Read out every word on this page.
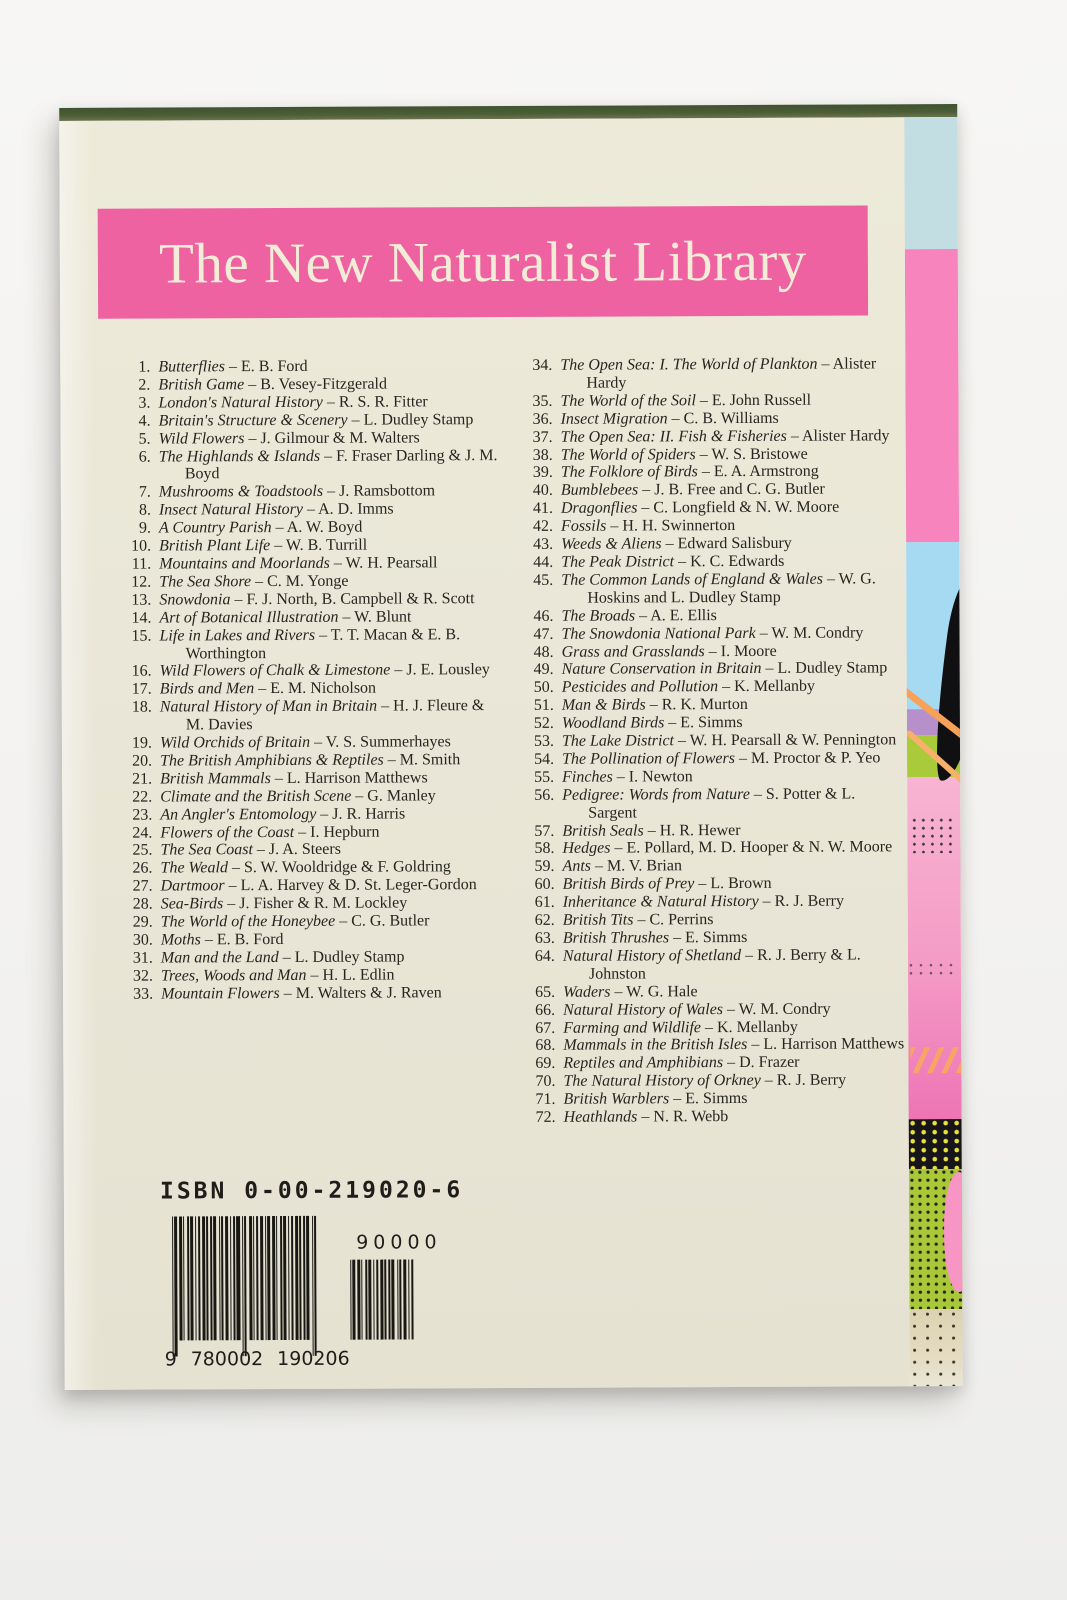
The New Naturalist Library
1. Butterflies – E. B. Ford
2. British Game – B. Vesey-Fitzgerald
3. London's Natural History – R. S. R. Fitter
4. Britain's Structure & Scenery – L. Dudley Stamp
5. Wild Flowers – J. Gilmour & M. Walters
6. The Highlands & Islands – F. Fraser Darling & J. M. Boyd
7. Mushrooms & Toadstools – J. Ramsbottom
8. Insect Natural History – A. D. Imms
9. A Country Parish – A. W. Boyd
10. British Plant Life – W. B. Turrill
11. Mountains and Moorlands – W. H. Pearsall
12. The Sea Shore – C. M. Yonge
13. Snowdonia – F. J. North, B. Campbell & R. Scott
14. Art of Botanical Illustration – W. Blunt
15. Life in Lakes and Rivers – T. T. Macan & E. B. Worthington
16. Wild Flowers of Chalk & Limestone – J. E. Lousley
17. Birds and Men – E. M. Nicholson
18. Natural History of Man in Britain – H. J. Fleure & M. Davies
19. Wild Orchids of Britain – V. S. Summerhayes
20. The British Amphibians & Reptiles – M. Smith
21. British Mammals – L. Harrison Matthews
22. Climate and the British Scene – G. Manley
23. An Angler's Entomology – J. R. Harris
24. Flowers of the Coast – I. Hepburn
25. The Sea Coast – J. A. Steers
26. The Weald – S. W. Wooldridge & F. Goldring
27. Dartmoor – L. A. Harvey & D. St. Leger-Gordon
28. Sea-Birds – J. Fisher & R. M. Lockley
29. The World of the Honeybee – C. G. Butler
30. Moths – E. B. Ford
31. Man and the Land – L. Dudley Stamp
32. Trees, Woods and Man – H. L. Edlin
33. Mountain Flowers – M. Walters & J. Raven
34. The Open Sea: I. The World of Plankton – Alister Hardy
35. The World of the Soil – E. John Russell
36. Insect Migration – C. B. Williams
37. The Open Sea: II. Fish & Fisheries – Alister Hardy
38. The World of Spiders – W. S. Bristowe
39. The Folklore of Birds – E. A. Armstrong
40. Bumblebees – J. B. Free and C. G. Butler
41. Dragonflies – C. Longfield & N. W. Moore
42. Fossils – H. H. Swinnerton
43. Weeds & Aliens – Edward Salisbury
44. The Peak District – K. C. Edwards
45. The Common Lands of England & Wales – W. G. Hoskins and L. Dudley Stamp
46. The Broads – A. E. Ellis
47. The Snowdonia National Park – W. M. Condry
48. Grass and Grasslands – I. Moore
49. Nature Conservation in Britain – L. Dudley Stamp
50. Pesticides and Pollution – K. Mellanby
51. Man & Birds – R. K. Murton
52. Woodland Birds – E. Simms
53. The Lake District – W. H. Pearsall & W. Pennington
54. The Pollination of Flowers – M. Proctor & P. Yeo
55. Finches – I. Newton
56. Pedigree: Words from Nature – S. Potter & L. Sargent
57. British Seals – H. R. Hewer
58. Hedges – E. Pollard, M. D. Hooper & N. W. Moore
59. Ants – M. V. Brian
60. British Birds of Prey – L. Brown
61. Inheritance & Natural History – R. J. Berry
62. British Tits – C. Perrins
63. British Thrushes – E. Simms
64. Natural History of Shetland – R. J. Berry & L. Johnston
65. Waders – W. G. Hale
66. Natural History of Wales – W. M. Condry
67. Farming and Wildlife – K. Mellanby
68. Mammals in the British Isles – L. Harrison Matthews
69. Reptiles and Amphibians – D. Frazer
70. The Natural History of Orkney – R. J. Berry
71. British Warblers – E. Simms
72. Heathlands – N. R. Webb
ISBN 0-00-219020-6
9 780002 190206
90000
